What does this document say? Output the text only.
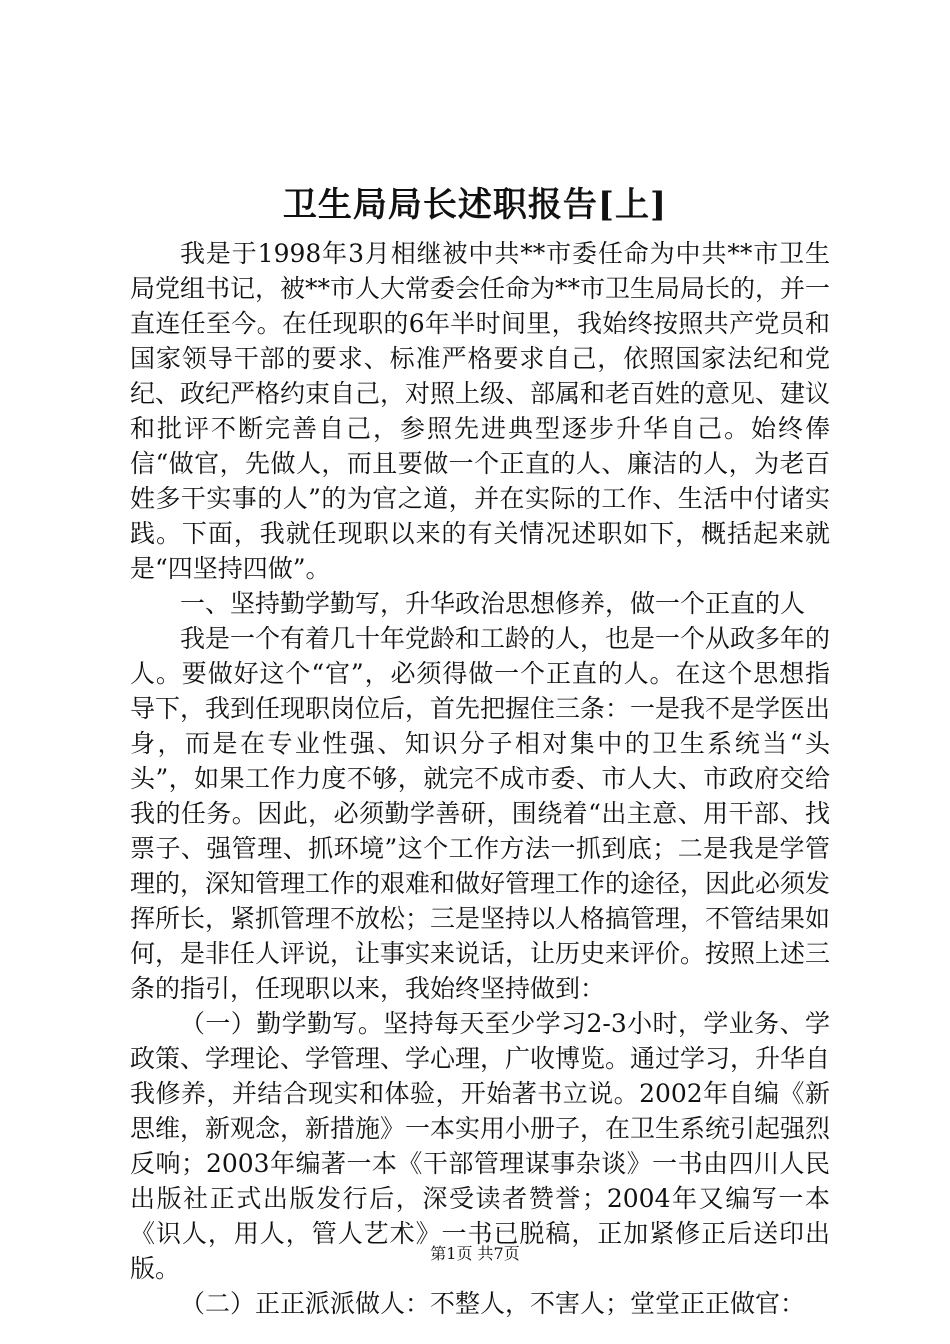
卫生局局长述职报告[上]

我是于1998年3月相继被中共**市委任命为中共**市卫生局党组书记，被**市人大常委会任命为**市卫生局局长的，并一直连任至今。在任现职的6年半时间里，我始终按照共产党员和国家领导干部的要求、标准严格要求自己，依照国家法纪和党纪、政纪严格约束自己，对照上级、部属和老百姓的意见、建议和批评不断完善自己，参照先进典型逐步升华自己。始终俸信“做官，先做人，而且要做一个正直的人、廉洁的人，为老百姓多干实事的人”的为官之道，并在实际的工作、生活中付诸实践。下面，我就任现职以来的有关情况述职如下，概括起来就是“四坚持四做”。

一、坚持勤学勤写，升华政治思想修养，做一个正直的人

我是一个有着几十年党龄和工龄的人，也是一个从政多年的人。要做好这个“官”，必须得做一个正直的人。在这个思想指导下，我到任现职岗位后，首先把握住三条：一是我不是学医出身，而是在专业性强、知识分子相对集中的卫生系统当“头头”，如果工作力度不够，就完不成市委、市人大、市政府交给我的任务。因此，必须勤学善研，围绕着“出主意、用干部、找票子、强管理、抓环境”这个工作方法一抓到底；二是我是学管理的，深知管理工作的艰难和做好管理工作的途径，因此必须发挥所长，紧抓管理不放松；三是坚持以人格搞管理，不管结果如何，是非任人评说，让事实来说话，让历史来评价。按照上述三条的指引，任现职以来，我始终坚持做到：

（一）勤学勤写。坚持每天至少学习2-3小时，学业务、学政策、学理论、学管理、学心理，广收博览。通过学习，升华自我修养，并结合现实和体验，开始著书立说。2002年自编《新思维，新观念，新措施》一本实用小册子，在卫生系统引起强烈反响；2003年编著一本《干部管理谋事杂谈》一书由四川人民出版社正式出版发行后，深受读者赞誉；2004年又编写一本《识人，用人，管人艺术》一书已脱稿，正加紧修正后送印出版。

（二）正正派派做人：不整人，不害人；堂堂正正做官：

第1页 共7页
